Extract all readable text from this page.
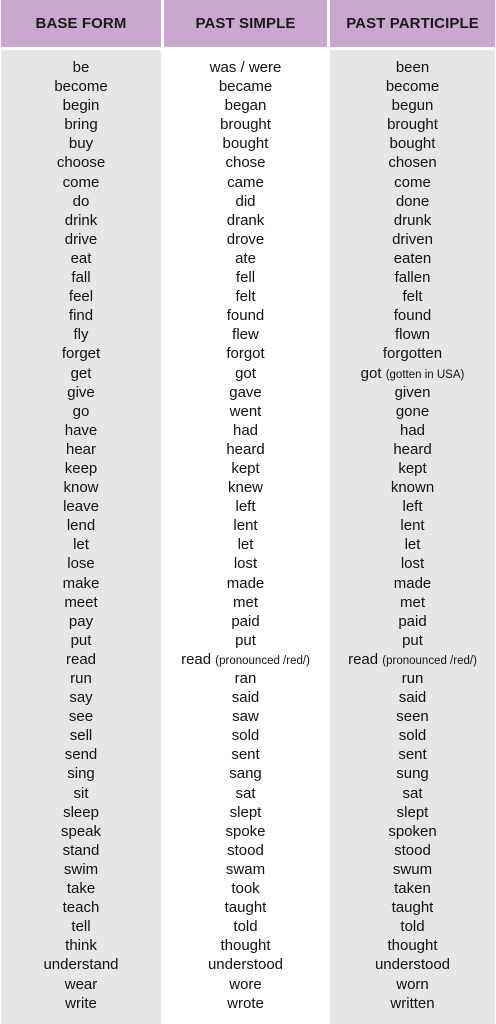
BASE FORM
be
become
begin
bring
buy
choose
come
do
drink
drive
eat
fall
feel
find
fly
forget
get
give
go
have
hear
keep
know
leave
lend
let
lose
make
meet
pay
put
read
run
say
see
sell
send
sing
sit
sleep
speak
stand
swim
take
teach
tell
think
understand
wear
write
PAST SIMPLE
was / were
became
began
brought
bought
chose
came
did
drank
drove
ate
fell
felt
found
flew
forgot
got
gave
went
had
heard
kept
knew
left
lent
let
lost
made
met
paid
put
read (pronounced /red/)
ran
said
saw
sold
sent
sang
sat
slept
spoke
stood
swam
took
taught
told
thought
understood
wore
wrote
PAST PARTICIPLE
been
become
begun
brought
bought
chosen
come
done
drunk
driven
eaten
fallen
felt
found
flown
forgotten
got (gotten in USA)
given
gone
had
heard
kept
known
left
lent
let
lost
made
met
paid
put
read (pronounced /red/)
run
said
seen
sold
sent
sung
sat
slept
spoken
stood
swum
taken
taught
told
thought
understood
worn
written
